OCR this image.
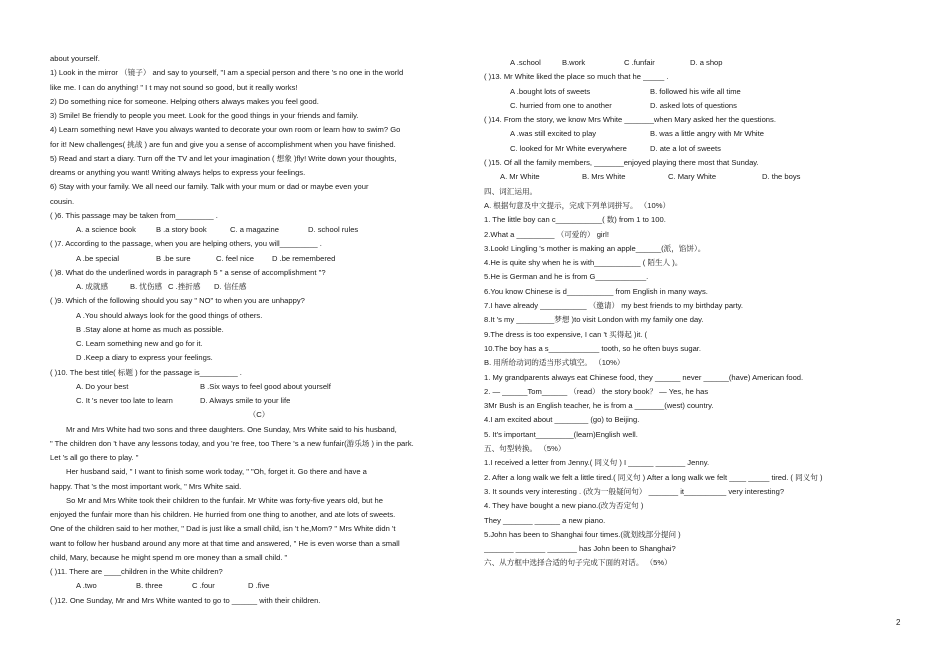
about yourself.
1) Look in the mirror （镜子） and say to yourself, "I am a special person and there 's no one in the world
like me. I can do anything! " I t may not sound so good, but it really works!
2) Do something nice for someone. Helping others always makes you feel good.
3) Smile! Be friendly to people you meet. Look for the good things in your friends and family.
4) Learn something new! Have you always wanted to decorate your own room or learn how to swim? Go
for it! New challenges( 挑战 ) are fun and give you a sense of accomplishment when you have finished.
5) Read and start a diary. Turn off the TV and let your imagination ( 想象 )fly! Write down your thoughts,
dreams or anything you want! Writing always helps to express your feelings.
6) Stay with your family. We all need our family. Talk with your mum or dad or maybe even your
cousin.
( )6. This passage may be taken from_________ .
A. a science book	B .a story book	C. a magazine	D. school rules
( )7. According to the passage, when you are helping others, you will_________ .
A .be special	B .be sure	C. feel nice	D .be remembered
( )8. What do the underlined words in paragraph 5 " a sense of accomplishment "?
A. 成就感	B. 忧伤感 C .挫折感	D. 信任感
( )9. Which of the following should you say " NO" to when you are unhappy?
A .You should always look for the good things of others.
B .Stay alone at home as much as possible.
C. Learn something new and go for it.
D .Keep a diary to express your feelings.
( )10. The best title( 标题 ) for the passage is_________ .
A. Do your best	B .Six ways to feel good about yourself
C. It 's never too late to learn	D. Always smile to your life
（C）
Mr and Mrs White had two sons and three daughters. One Sunday, Mrs White said to his husband,
" The children don 't have any lessons today, and you 're free, too There 's a new funfair(游乐场 ) in the park.
Let 's all go there to play. "
Her husband said, " I want to finish some work today, " "Oh, forget it. Go there and have a
happy. That 's the most important work, " Mrs White said.
So Mr and Mrs White took their children to the funfair. Mr White was forty-five years old, but he
enjoyed the funfair more than his children. He hurried from one thing to another, and ate lots of sweets.
One of the children said to her mother, " Dad is just like a small child, isn 't he,Mom? " Mrs White didn 't
want to follow her husband around any more at that time and answered, " He is even worse than a small
child, Mary, because he might spend m ore money than a small child. "
( )11. There are ____children in the White children?
A .two	B. three	C .four	D .five
( )12. One Sunday, Mr and Mrs White wanted to go to ______ with their children.
A .school	B.work	C .funfair	D. a shop
( )13. Mr White liked the place so much that he _____ .
A .bought lots of sweets	B. followed his wife all time
C. hurried from one to another	D. asked lots of questions
( )14. From the story, we know Mrs White _______when Mary asked her the questions.
A .was still excited to play	B. was a little angry with Mr White
C. looked for Mr White everywhere	D. ate a lot of sweets
( )15. Of all the family members, _______enjoyed playing there most that Sunday.
A. Mr White	B. Mrs White	C. Mary White	D. the boys
四、词汇运用。
A. 根据句意及中文提示，完成下列单词拼写。 （10%）
1. The little boy can c___________( 数) from 1 to 100.
2.What a _________ （可爱的） girl!
3.Look! Lingling 's mother is making an apple______(派，馅饼）。
4.He is quite shy when he is with___________ ( 陌生人 )。
5.He is German and he is from G____________.
6.You know Chinese is d___________ from English in many ways.
7.I have already ___________ （邀请） my best friends to my birthday party.
8.It 's my _________梦想 )to visit London with my family one day.
9.The dress is too expensive, I can 't 买得起 )it. (
10.The boy has a s____________ tooth, so he often buys sugar.
B. 用所给动词的适当形式填空。 （10%）
1. My grandparents always eat Chinese food, they ______ never ______(have) American food.
2. — ______Tom______ （read） the story book？ — Yes, he has
3Mr Bush is an English teacher, he is from a _______(west) country.
4.I am excited about ________ (go) to Beijing.
5. It's important_________(learn)English well.
五、句型转换。 （5%）
1.I received a letter from Jenny.( 同义句 ) I ______ _______ Jenny.
2. After a long walk we felt a little tired.( 同义句 ) After a long walk we felt ____ _____ tired. ( 同义句 )
3. It sounds very interesting . (改为一般疑问句） _______ it__________ very interesting?
4. They have bought a new piano.(改为否定句 )
They _______ ______ a new piano.
5.John has been to Shanghai four times.(就划线部分提问 )
_______ _______ _______ has John been to Shanghai?
六、从方框中选择合适的句子完成下面的对话。 （5%）
2
